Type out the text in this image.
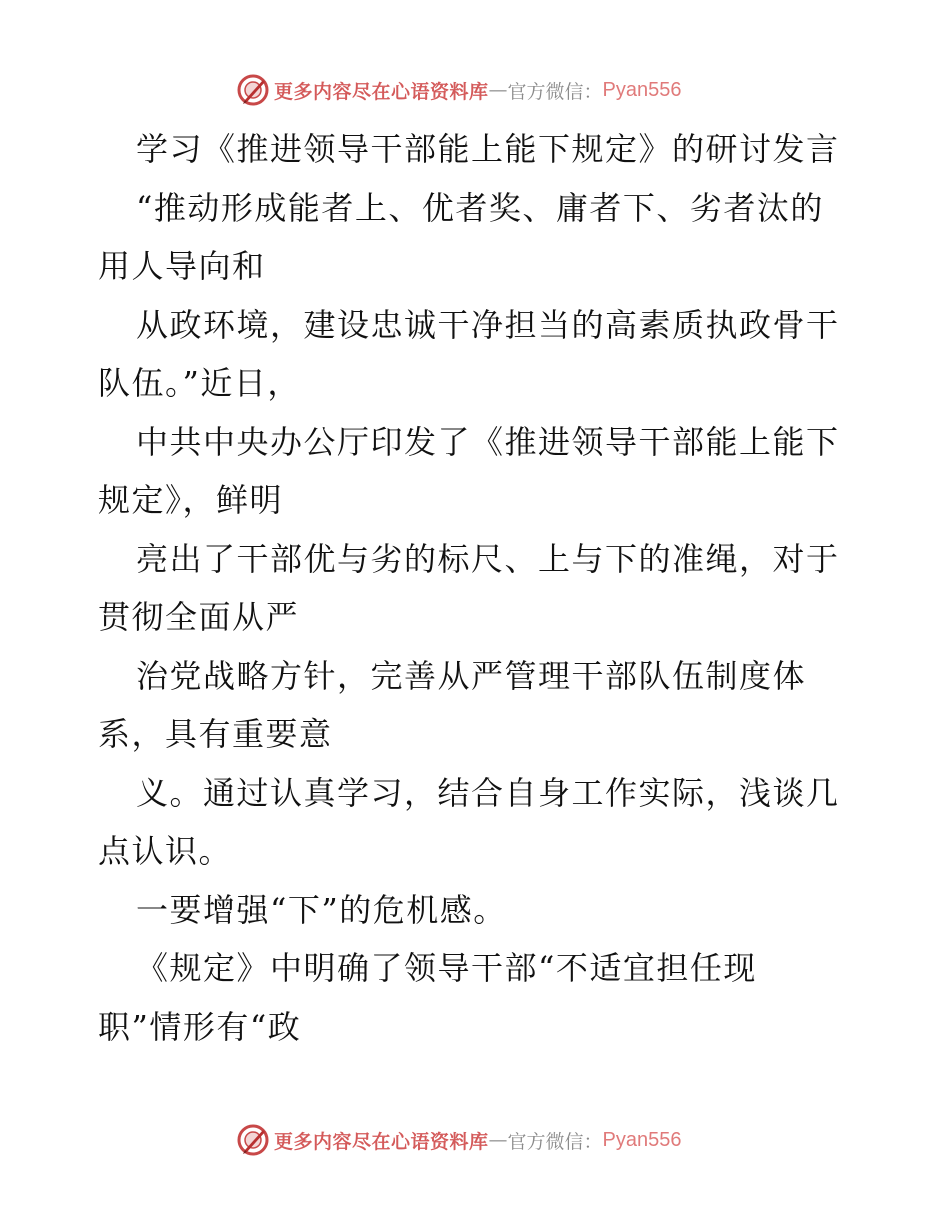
更多内容尽在心语资料库 — 官方微信： Pyan556
学习《推进领导干部能上能下规定》的研讨发言
“推动形成能者上、优者奖、庸者下、劣者汰的
用人导向和
从政环境，建设忠诚干净担当的高素质执政骨干
队伍。”近日，
中共中央办公厅印发了《推进领导干部能上能下
规定》，鲜明
亮出了干部优与劣的标尺、上与下的准绳，对于
贯彻全面从严
治党战略方针，完善从严管理干部队伍制度体
系，具有重要意
义。通过认真学习，结合自身工作实际，浅谈几
点认识。
一要增强“下”的危机感。
《规定》中明确了领导干部“不适宜担任现
职”情形有“政
更多内容尽在心语资料库 — 官方微信： Pyan556
